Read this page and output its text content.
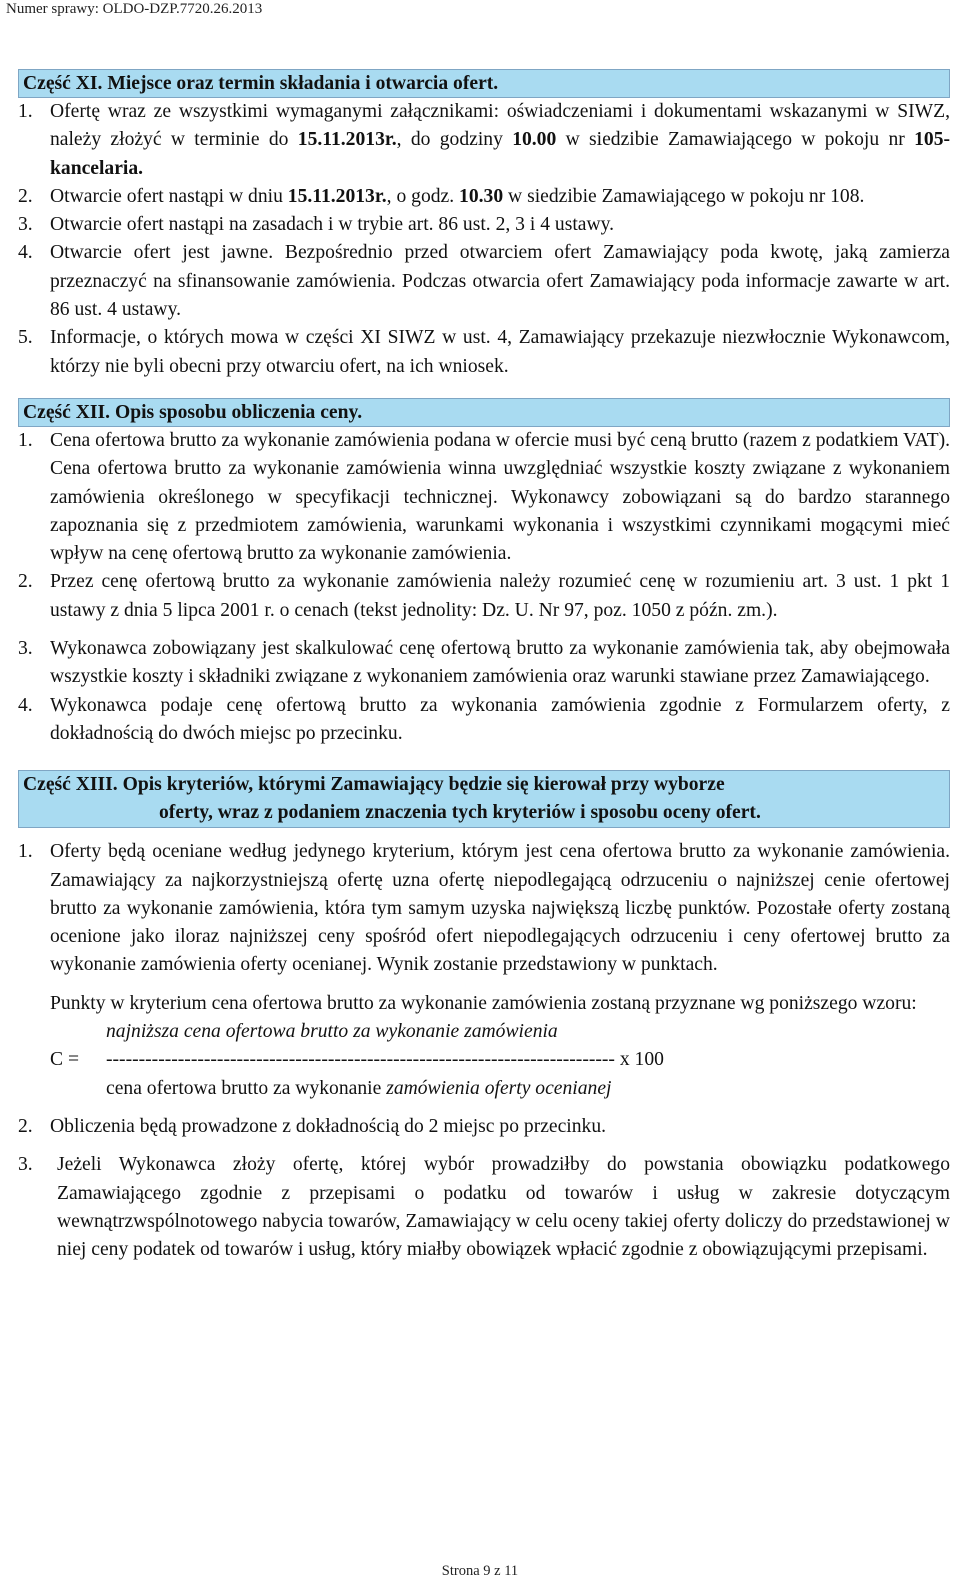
Numer sprawy: OLDO-DZP.7720.26.2013
Część XI. Miejsce oraz termin składania i otwarcia ofert.
1. Ofertę wraz ze wszystkimi wymaganymi załącznikami: oświadczeniami i dokumentami wskazanymi w SIWZ, należy złożyć w terminie do 15.11.2013r., do godziny 10.00 w siedzibie Zamawiającego w pokoju nr 105- kancelaria.
2. Otwarcie ofert nastąpi w dniu 15.11.2013r., o godz. 10.30 w siedzibie Zamawiającego w pokoju nr 108.
3. Otwarcie ofert nastąpi na zasadach i w trybie art. 86 ust. 2, 3 i 4 ustawy.
4. Otwarcie ofert jest jawne. Bezpośrednio przed otwarciem ofert Zamawiający poda kwotę, jaką zamierza przeznaczyć na sfinansowanie zamówienia. Podczas otwarcia ofert Zamawiający poda informacje zawarte w art. 86 ust. 4 ustawy.
5. Informacje, o których mowa w części XI SIWZ w ust. 4, Zamawiający przekazuje niezwłocznie Wykonawcom, którzy nie byli obecni przy otwarciu ofert, na ich wniosek.
Część XII. Opis sposobu obliczenia ceny.
1. Cena ofertowa brutto za wykonanie zamówienia podana w ofercie musi być ceną brutto (razem z podatkiem VAT). Cena ofertowa brutto za wykonanie zamówienia winna uwzględniać wszystkie koszty związane z wykonaniem zamówienia określonego w specyfikacji technicznej. Wykonawcy zobowiązani są do bardzo starannego zapoznania się z przedmiotem zamówienia, warunkami wykonania i wszystkimi czynnikami mogącymi mieć wpływ na cenę ofertową brutto za wykonanie zamówienia.
2. Przez cenę ofertową brutto za wykonanie zamówienia należy rozumieć cenę w rozumieniu art. 3 ust. 1 pkt 1 ustawy z dnia 5 lipca 2001 r. o cenach (tekst jednolity: Dz. U. Nr 97, poz. 1050 z późn. zm.).
3. Wykonawca zobowiązany jest skalkulować cenę ofertową brutto za wykonanie zamówienia tak, aby obejmowała wszystkie koszty i składniki związane z wykonaniem zamówienia oraz warunki stawiane przez Zamawiającego.
4. Wykonawca podaje cenę ofertową brutto za wykonania zamówienia zgodnie z Formularzem oferty, z dokładnością do dwóch miejsc po przecinku.
Część XIII. Opis kryteriów, którymi Zamawiający będzie się kierował przy wyborze
oferty, wraz z podaniem znaczenia tych kryteriów i sposobu oceny ofert.
1. Oferty będą oceniane według jedynego kryterium, którym jest cena ofertowa brutto za wykonanie zamówienia. Zamawiający za najkorzystniejszą ofertę uzna ofertę niepodlegającą odrzuceniu o najniższej cenie ofertowej brutto za wykonanie zamówienia, która tym samym uzyska największą liczbę punktów. Pozostałe oferty zostaną ocenione jako iloraz najniższej ceny spośród ofert niepodlegających odrzuceniu i ceny ofertowej brutto za wykonanie zamówienia oferty ocenianej. Wynik zostanie przedstawiony w punktach.
Punkty w kryterium cena ofertowa brutto za wykonanie zamówienia zostaną przyznane wg poniższego wzoru:
najniższa cena ofertowa brutto za wykonanie zamówienia
C =	------------------------------------------------------------------------------ x 100
cena ofertowa brutto za wykonanie zamówienia oferty ocenianej
2. Obliczenia będą prowadzone z dokładnością do 2 miejsc po przecinku.
3.	Jeżeli Wykonawca złoży ofertę, której wybór prowadziłby do powstania obowiązku podatkowego Zamawiającego zgodnie z przepisami o podatku od towarów i usług w zakresie dotyczącym wewnątrzwspólnotowego nabycia towarów, Zamawiający w celu oceny takiej oferty doliczy do przedstawionej w niej ceny podatek od towarów i usług, który miałby obowiązek wpłacić zgodnie z obowiązującymi przepisami.
Strona 9 z 11
